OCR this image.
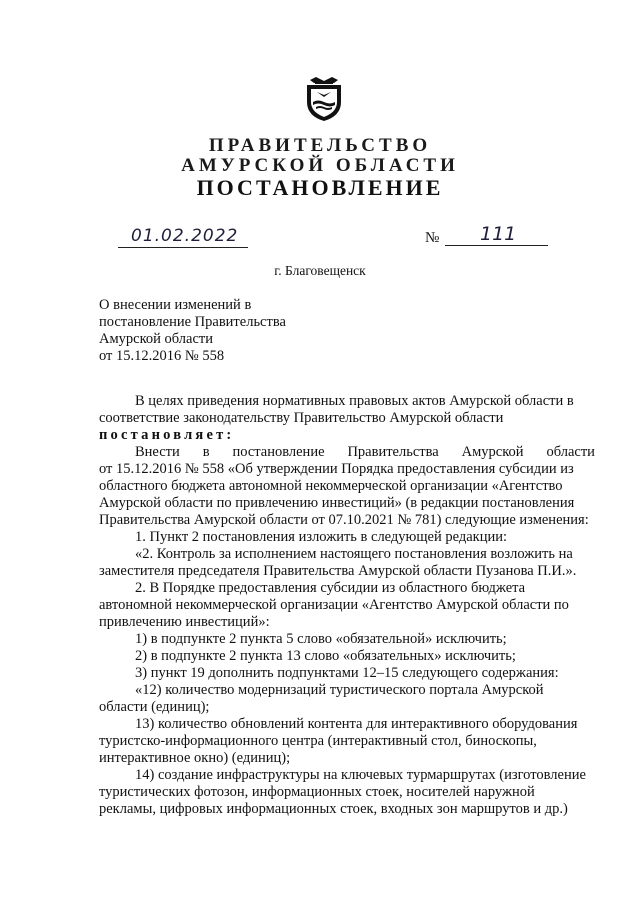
ПРАВИТЕЛЬСТВО
АМУРСКОЙ ОБЛАСТИ
ПОСТАНОВЛЕНИЕ
01.02.2022	№ 111
г. Благовещенск
О внесении изменений в
постановление Правительства
Амурской области
от 15.12.2016 № 558
В целях приведения нормативных правовых актов Амурской области в
соответствие законодательству Правительство Амурской области
постановляет:
Внести в постановление Правительства Амурской области
от 15.12.2016 № 558 «Об утверждении Порядка предоставления субсидии из
областного бюджета автономной некоммерческой организации «Агентство
Амурской области по привлечению инвестиций» (в редакции постановления
Правительства Амурской области от 07.10.2021 № 781) следующие изменения:
1. Пункт 2 постановления изложить в следующей редакции:
«2. Контроль за исполнением настоящего постановления возложить на
заместителя председателя Правительства Амурской области Пузанова П.И.».
2. В Порядке предоставления субсидии из областного бюджета
автономной некоммерческой организации «Агентство Амурской области по
привлечению инвестиций»:
1) в подпункте 2 пункта 5 слово «обязательной» исключить;
2) в подпункте 2 пункта 13 слово «обязательных» исключить;
3) пункт 19 дополнить подпунктами 12–15 следующего содержания:
«12) количество модернизаций туристического портала Амурской
области (единиц);
13) количество обновлений контента для интерактивного оборудования
туристско-информационного центра (интерактивный стол, биноскопы,
интерактивное окно) (единиц);
14) создание инфраструктуры на ключевых турмаршрутах (изготовление
туристических фотозон, информационных стоек, носителей наружной
рекламы, цифровых информационных стоек, входных зон маршрутов и др.)
